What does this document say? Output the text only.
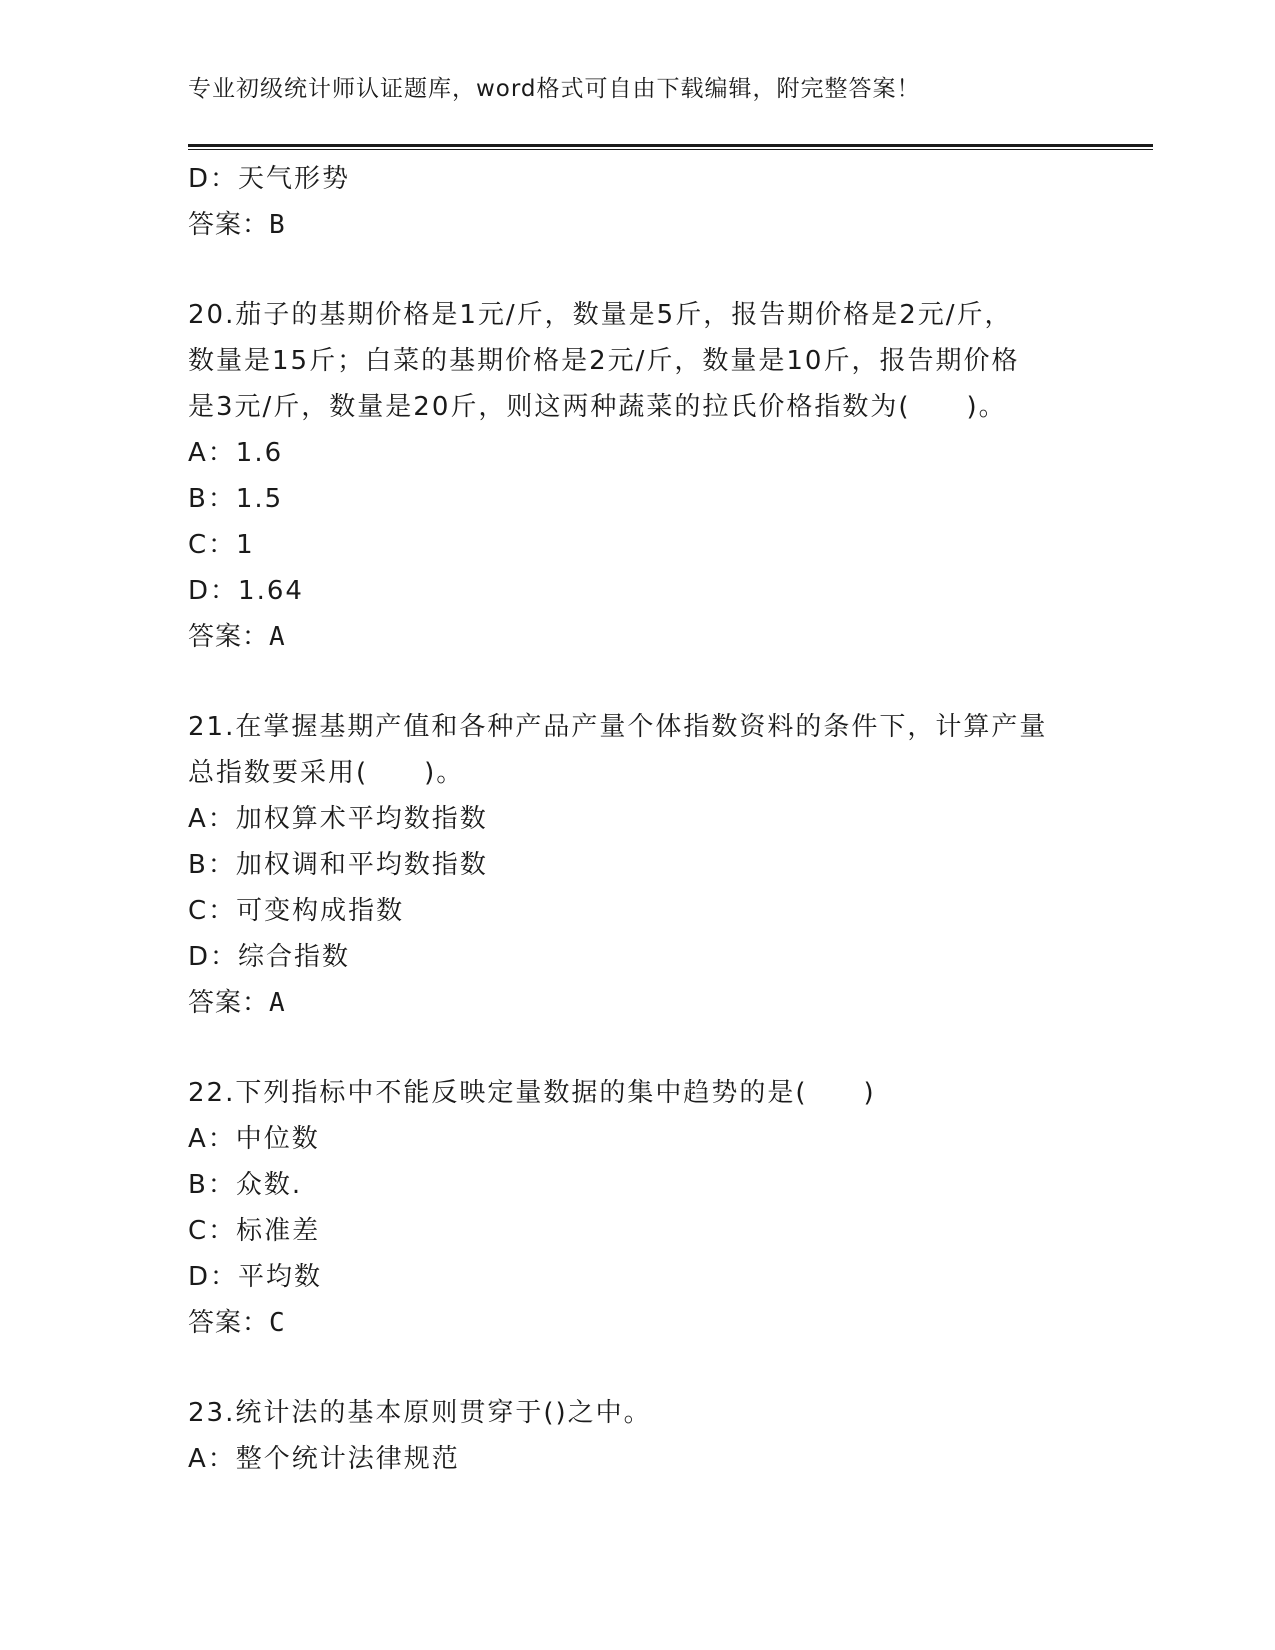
专业初级统计师认证题库，word格式可自由下载编辑，附完整答案！
D：天气形势
答案：B
20.茄子的基期价格是1元/斤，数量是5斤，报告期价格是2元/斤，
数量是15斤；白菜的基期价格是2元/斤，数量是10斤，报告期价格
是3元/斤，数量是20斤，则这两种蔬菜的拉氏价格指数为(　　)。
A：1.6
B：1.5
C：1
D：1.64
答案：A
21.在掌握基期产值和各种产品产量个体指数资料的条件下，计算产量
总指数要采用(　　)。
A：加权算术平均数指数
B：加权调和平均数指数
C：可变构成指数
D：综合指数
答案：A
22.下列指标中不能反映定量数据的集中趋势的是(　　)
A：中位数
B：众数.
C：标准差
D：平均数
答案：C
23.统计法的基本原则贯穿于()之中。
A：整个统计法律规范
